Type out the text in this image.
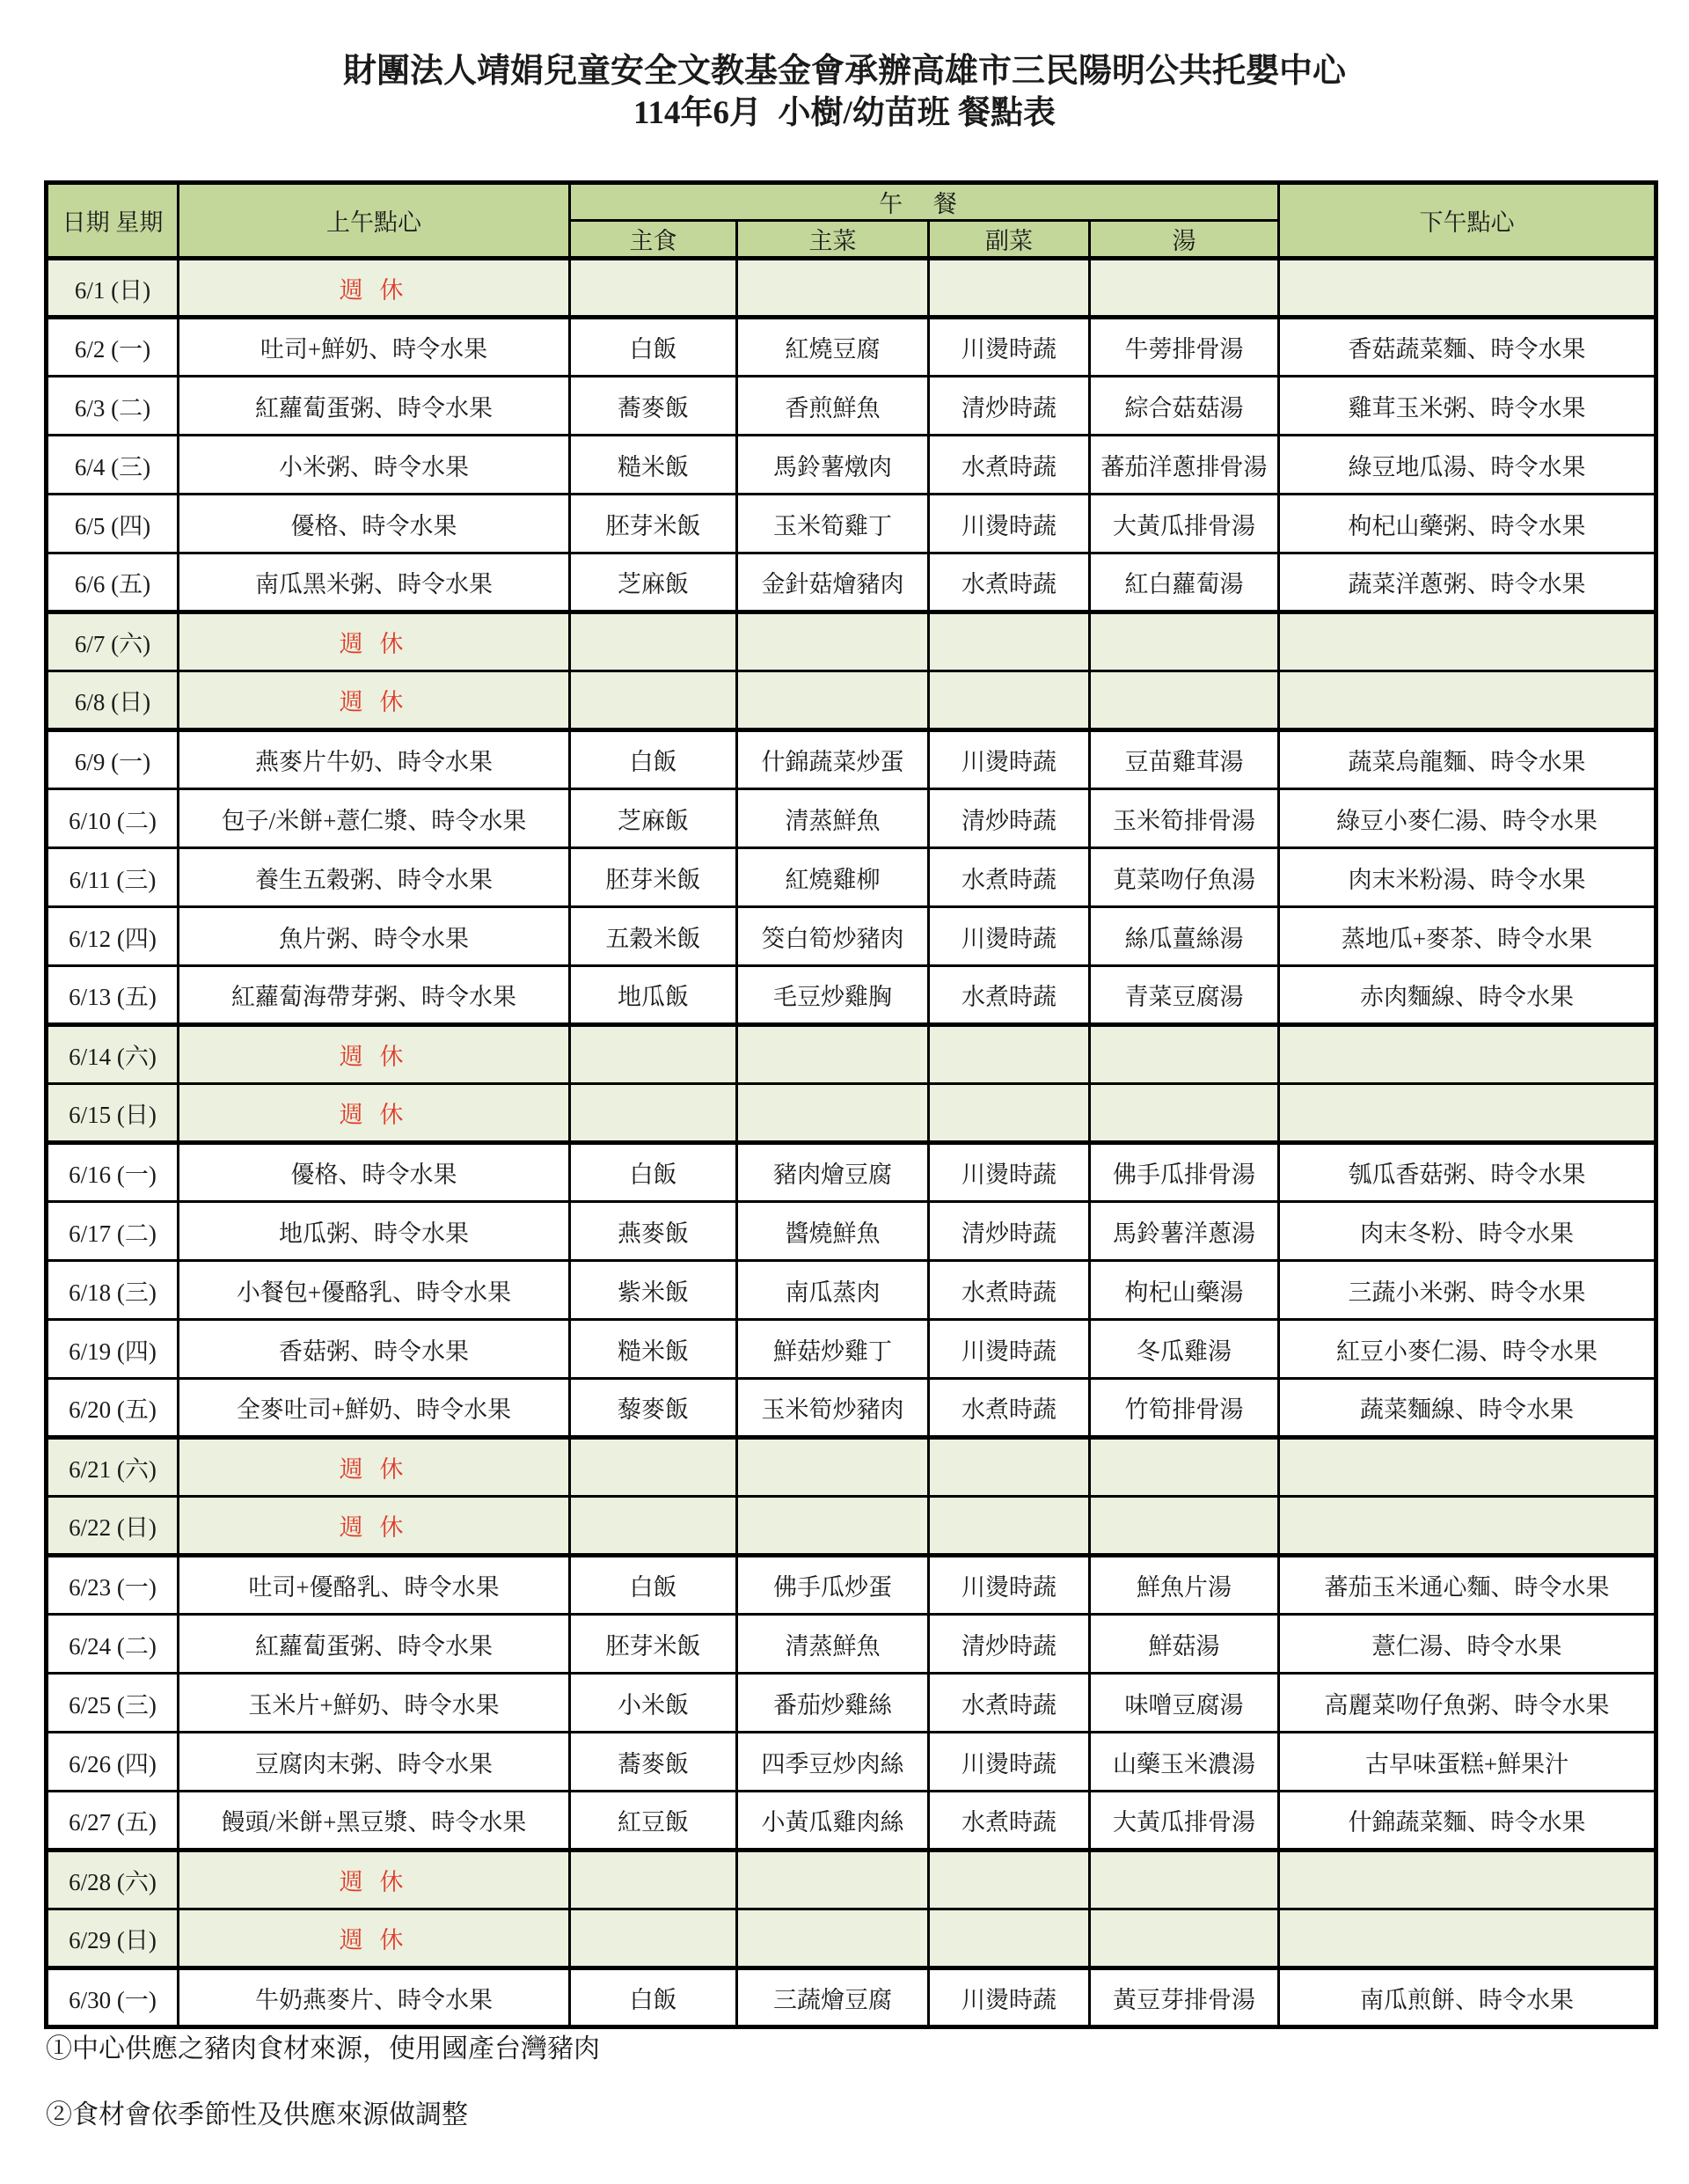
財團法人靖娟兒童安全文教基金會承辦高雄市三民陽明公共托嬰中心
114年6月  小樹/幼苗班 餐點表
日期 星期	上午點心	午 餐				下午點心
		主食	主菜	副菜	湯	
6/1 (日)	週 休					
6/2 (一)	吐司+鮮奶、時令水果	白飯	紅燒豆腐	川燙時蔬	牛蒡排骨湯	香菇蔬菜麵、時令水果
6/3 (二)	紅蘿蔔蛋粥、時令水果	蕎麥飯	香煎鮮魚	清炒時蔬	綜合菇菇湯	雞茸玉米粥、時令水果
6/4 (三)	小米粥、時令水果	糙米飯	馬鈴薯燉肉	水煮時蔬	蕃茄洋蔥排骨湯	綠豆地瓜湯、時令水果
6/5 (四)	優格、時令水果	胚芽米飯	玉米筍雞丁	川燙時蔬	大黃瓜排骨湯	枸杞山藥粥、時令水果
6/6 (五)	南瓜黑米粥、時令水果	芝麻飯	金針菇燴豬肉	水煮時蔬	紅白蘿蔔湯	蔬菜洋蔥粥、時令水果
6/7 (六)	週 休					
6/8 (日)	週 休					
6/9 (一)	燕麥片牛奶、時令水果	白飯	什錦蔬菜炒蛋	川燙時蔬	豆苗雞茸湯	蔬菜烏龍麵、時令水果
6/10 (二)	包子/米餅+薏仁漿、時令水果	芝麻飯	清蒸鮮魚	清炒時蔬	玉米筍排骨湯	綠豆小麥仁湯、時令水果
6/11 (三)	養生五穀粥、時令水果	胚芽米飯	紅燒雞柳	水煮時蔬	莧菜吻仔魚湯	肉末米粉湯、時令水果
6/12 (四)	魚片粥、時令水果	五穀米飯	筊白筍炒豬肉	川燙時蔬	絲瓜薑絲湯	蒸地瓜+麥茶、時令水果
6/13 (五)	紅蘿蔔海帶芽粥、時令水果	地瓜飯	毛豆炒雞胸	水煮時蔬	青菜豆腐湯	赤肉麵線、時令水果
6/14 (六)	週 休					
6/15 (日)	週 休					
6/16 (一)	優格、時令水果	白飯	豬肉燴豆腐	川燙時蔬	佛手瓜排骨湯	瓠瓜香菇粥、時令水果
6/17 (二)	地瓜粥、時令水果	燕麥飯	醬燒鮮魚	清炒時蔬	馬鈴薯洋蔥湯	肉末冬粉、時令水果
6/18 (三)	小餐包+優酪乳、時令水果	紫米飯	南瓜蒸肉	水煮時蔬	枸杞山藥湯	三蔬小米粥、時令水果
6/19 (四)	香菇粥、時令水果	糙米飯	鮮菇炒雞丁	川燙時蔬	冬瓜雞湯	紅豆小麥仁湯、時令水果
6/20 (五)	全麥吐司+鮮奶、時令水果	藜麥飯	玉米筍炒豬肉	水煮時蔬	竹筍排骨湯	蔬菜麵線、時令水果
6/21 (六)	週 休					
6/22 (日)	週 休					
6/23 (一)	吐司+優酪乳、時令水果	白飯	佛手瓜炒蛋	川燙時蔬	鮮魚片湯	蕃茄玉米通心麵、時令水果
6/24 (二)	紅蘿蔔蛋粥、時令水果	胚芽米飯	清蒸鮮魚	清炒時蔬	鮮菇湯	薏仁湯、時令水果
6/25 (三)	玉米片+鮮奶、時令水果	小米飯	番茄炒雞絲	水煮時蔬	味噌豆腐湯	高麗菜吻仔魚粥、時令水果
6/26 (四)	豆腐肉末粥、時令水果	蕎麥飯	四季豆炒肉絲	川燙時蔬	山藥玉米濃湯	古早味蛋糕+鮮果汁
6/27 (五)	饅頭/米餅+黑豆漿、時令水果	紅豆飯	小黃瓜雞肉絲	水煮時蔬	大黃瓜排骨湯	什錦蔬菜麵、時令水果
6/28 (六)	週 休					
6/29 (日)	週 休					
6/30 (一)	牛奶燕麥片、時令水果	白飯	三蔬燴豆腐	川燙時蔬	黃豆芽排骨湯	南瓜煎餅、時令水果
①中心供應之豬肉食材來源，使用國產台灣豬肉
②食材會依季節性及供應來源做調整
